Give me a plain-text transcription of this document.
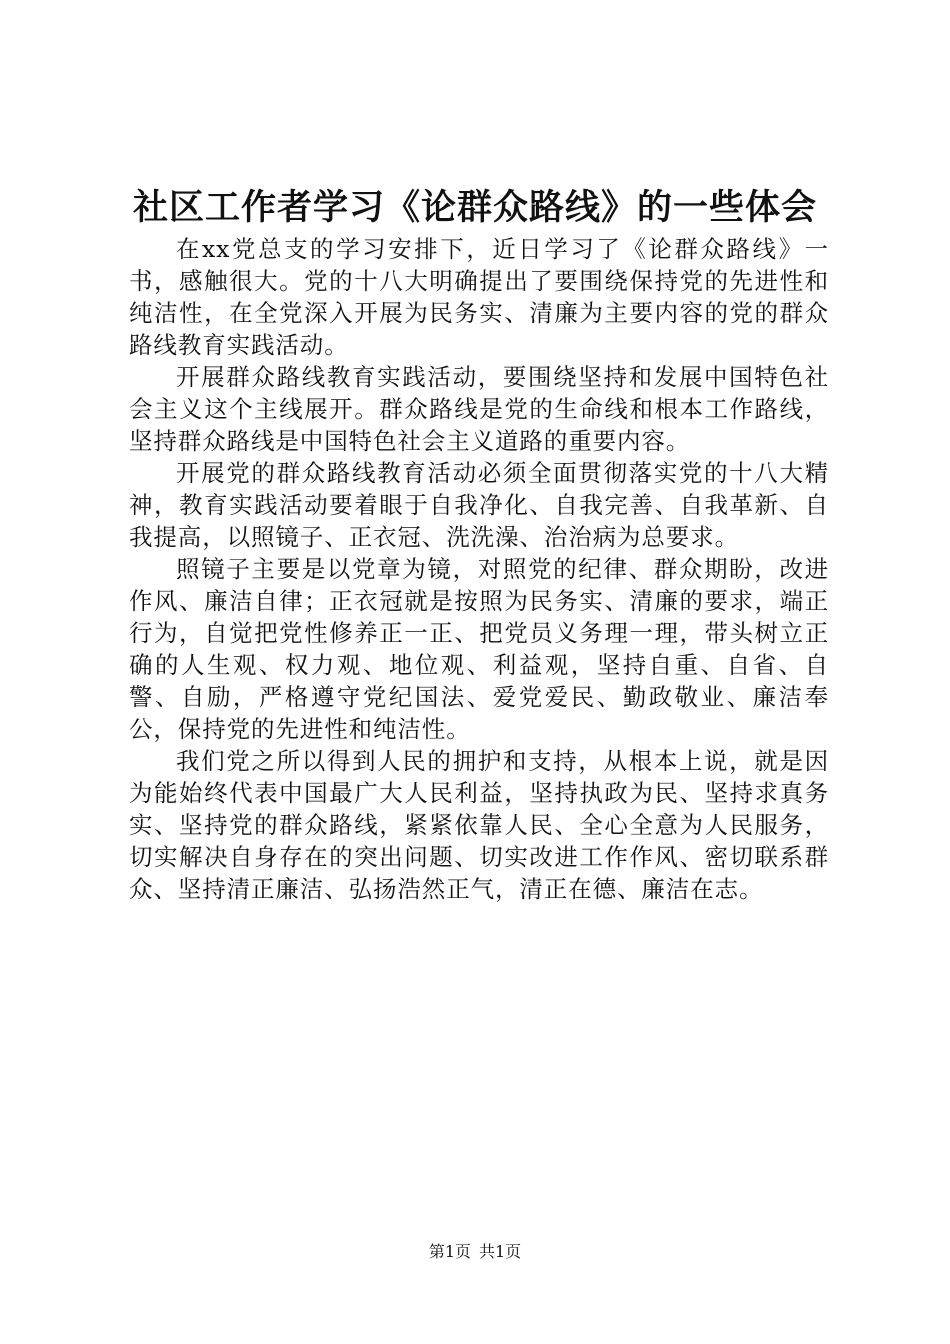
社区工作者学习《论群众路线》的一些体会

在xx党总支的学习安排下，近日学习了《论群众路线》一书，感触很大。党的十八大明确提出了要围绕保持党的先进性和纯洁性，在全党深入开展为民务实、清廉为主要内容的党的群众路线教育实践活动。

开展群众路线教育实践活动，要围绕坚持和发展中国特色社会主义这个主线展开。群众路线是党的生命线和根本工作路线，坚持群众路线是中国特色社会主义道路的重要内容。

开展党的群众路线教育活动必须全面贯彻落实党的十八大精神，教育实践活动要着眼于自我净化、自我完善、自我革新、自我提高，以照镜子、正衣冠、洗洗澡、治治病为总要求。

照镜子主要是以党章为镜，对照党的纪律、群众期盼，改进作风、廉洁自律；正衣冠就是按照为民务实、清廉的要求，端正行为，自觉把党性修养正一正、把党员义务理一理，带头树立正确的人生观、权力观、地位观、利益观，坚持自重、自省、自警、自励，严格遵守党纪国法、爱党爱民、勤政敬业、廉洁奉公，保持党的先进性和纯洁性。

我们党之所以得到人民的拥护和支持，从根本上说，就是因为能始终代表中国最广大人民利益，坚持执政为民、坚持求真务实、坚持党的群众路线，紧紧依靠人民、全心全意为人民服务，切实解决自身存在的突出问题、切实改进工作作风、密切联系群众、坚持清正廉洁、弘扬浩然正气，清正在德、廉洁在志。

第1页 共1页
